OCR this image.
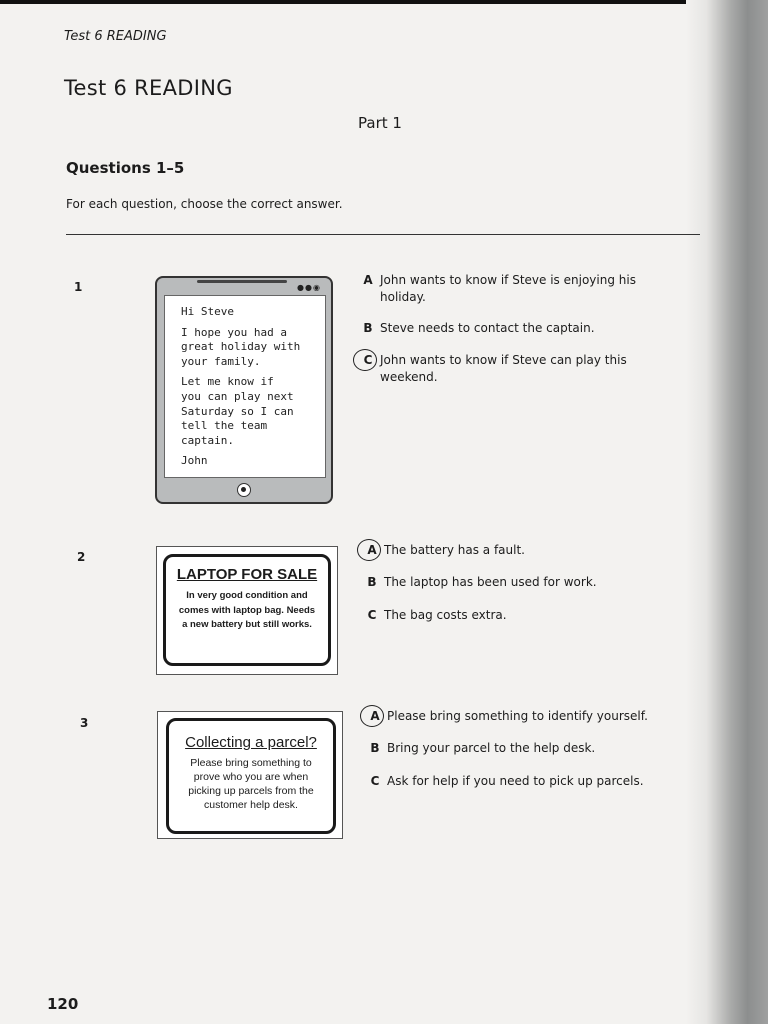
Test 6 READING
Test 6 READING
Part 1
Questions 1–5
For each question, choose the correct answer.
1	●●◉

Hi Steve

I hope you had a
great holiday with
your family.

Let me know if
you can play next
Saturday so I can
tell the team
captain.

John

A John wants to know if Steve is enjoying his holiday.
B Steve needs to contact the captain.
C John wants to know if Steve can play this weekend.
2
LAPTOP FOR SALE
In very good condition and comes with laptop bag. Needs a new battery but still works.
A The battery has a fault.
B The laptop has been used for work.
C The bag costs extra.
3
Collecting a parcel?
Please bring something to prove who you are when picking up parcels from the customer help desk.
A Please bring something to identify yourself.
B Bring your parcel to the help desk.
C Ask for help if you need to pick up parcels.
120
